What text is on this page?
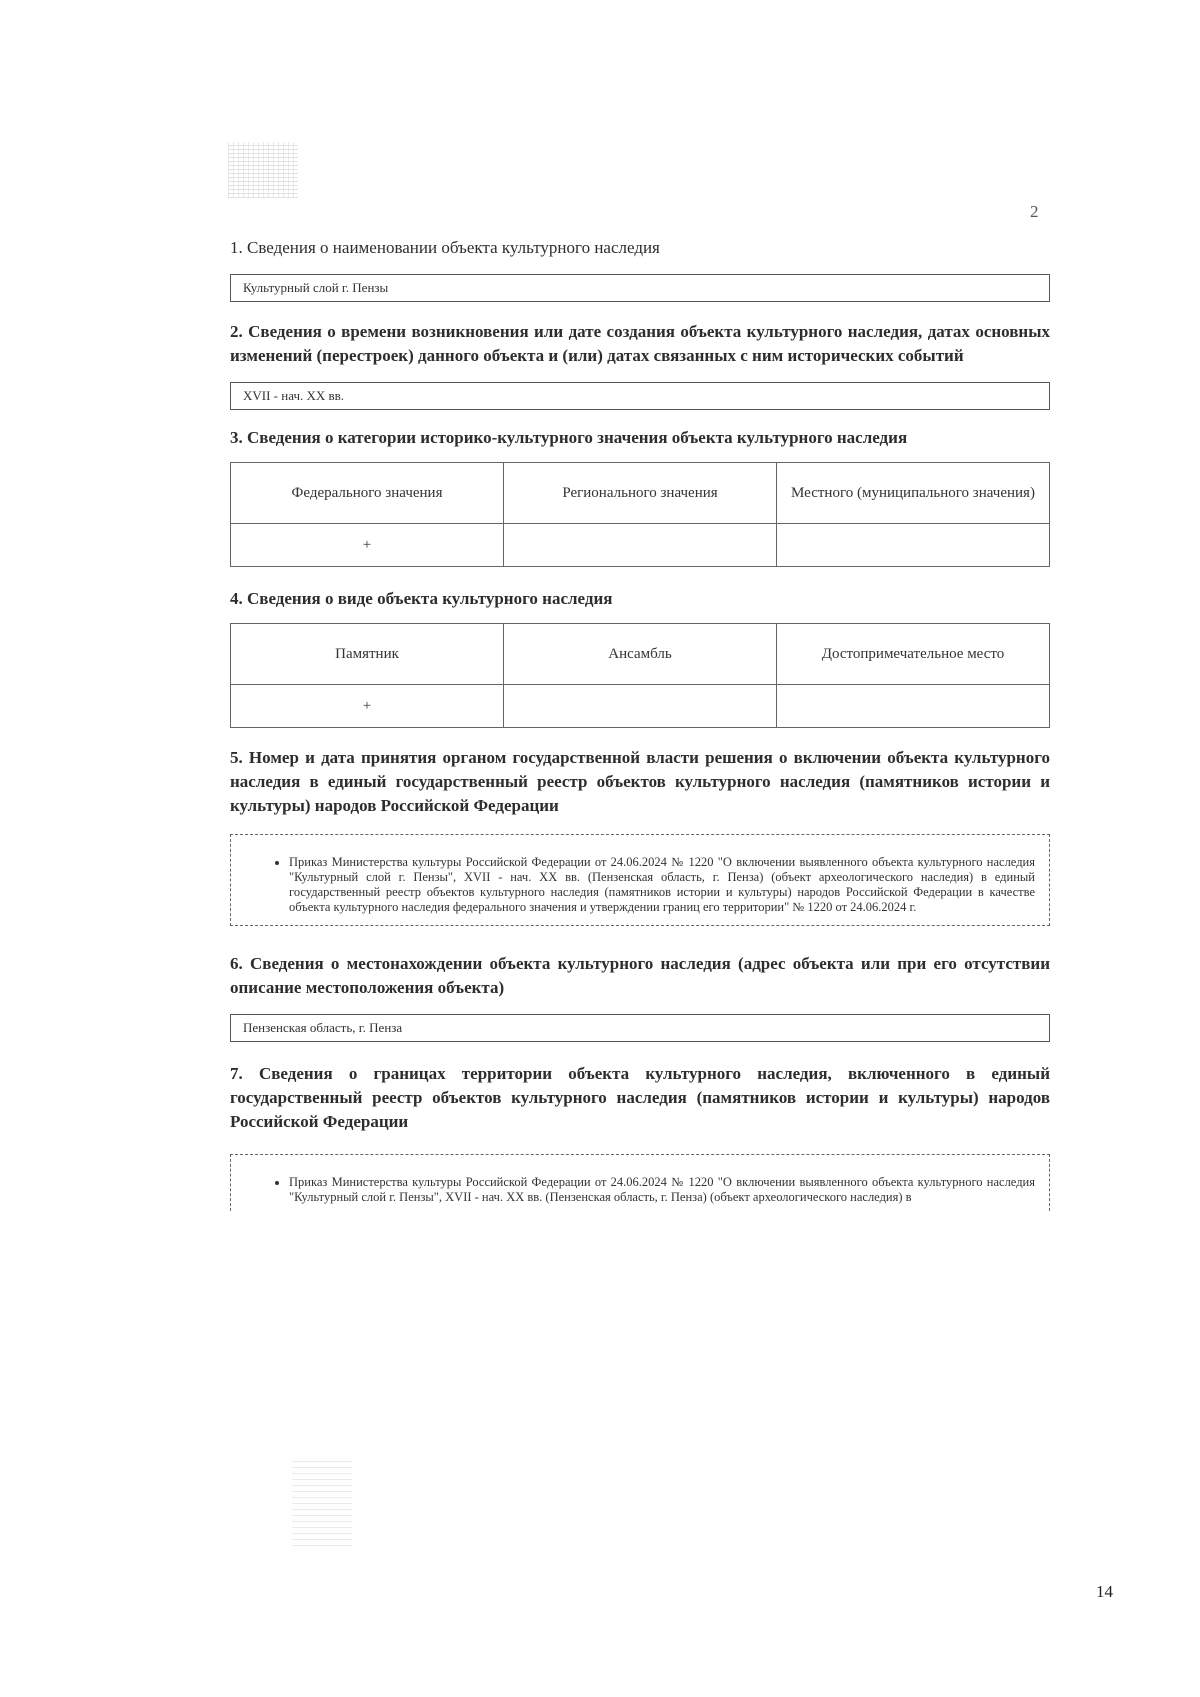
2
1. Сведения о наименовании объекта культурного наследия
Культурный слой г. Пензы
2. Сведения о времени возникновения или дате создания объекта культурного наследия, датах основных изменений (перестроек) данного объекта и (или) датах связанных с ним исторических событий
XVII - нач. XX вв.
3. Сведения о категории историко-культурного значения объекта культурного наследия
Федерального значения	Регионального значения	Местного (муниципального значения)
+		
4. Сведения о виде объекта культурного наследия
Памятник	Ансамбль	Достопримечательное место
+		
5. Номер и дата принятия органом государственной власти решения о включении объекта культурного наследия в единый государственный реестр объектов культурного наследия (памятников истории и культуры) народов Российской Федерации
• Приказ Министерства культуры Российской Федерации от 24.06.2024 № 1220 "О включении выявленного объекта культурного наследия "Культурный слой г. Пензы", XVII - нач. XX вв. (Пензенская область, г. Пенза) (объект археологического наследия) в единый государственный реестр объектов культурного наследия (памятников истории и культуры) народов Российской Федерации в качестве объекта культурного наследия федерального значения и утверждении границ его территории" № 1220 от 24.06.2024 г.
6. Сведения о местонахождении объекта культурного наследия (адрес объекта или при его отсутствии описание местоположения объекта)
Пензенская область, г. Пенза
7. Сведения о границах территории объекта культурного наследия, включенного в единый государственный реестр объектов культурного наследия (памятников истории и культуры) народов Российской Федерации
• Приказ Министерства культуры Российской Федерации от 24.06.2024 № 1220 "О включении выявленного объекта культурного наследия "Культурный слой г. Пензы", XVII - нач. XX вв. (Пензенская область, г. Пенза) (объект археологического наследия) в
14
